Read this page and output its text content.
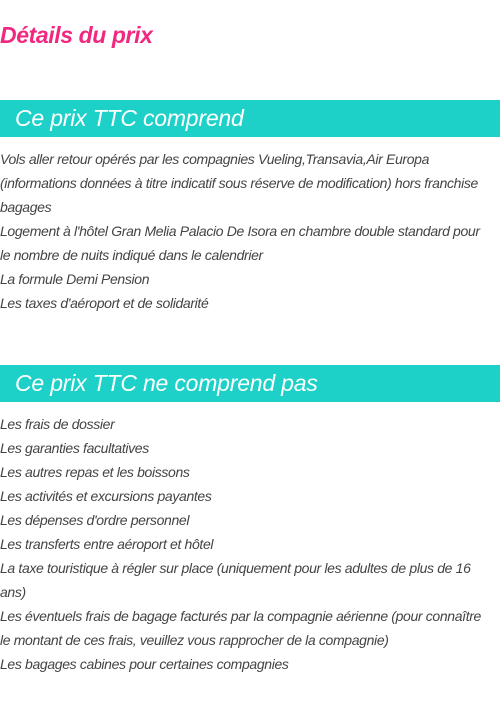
Détails du prix
Ce prix TTC comprend
Vols aller retour opérés par les compagnies Vueling,Transavia,Air Europa (informations données à titre indicatif sous réserve de modification) hors franchise bagages
Logement à l'hôtel Gran Melia Palacio De Isora en chambre double standard pour le nombre de nuits indiqué dans le calendrier
La formule Demi Pension
Les taxes d'aéroport et de solidarité
Ce prix TTC ne comprend pas
Les frais de dossier
Les garanties facultatives
Les autres repas et les boissons
Les activités et excursions payantes
Les dépenses d'ordre personnel
Les transferts entre aéroport et hôtel
La taxe touristique à régler sur place (uniquement pour les adultes de plus de 16 ans)
Les éventuels frais de bagage facturés par la compagnie aérienne (pour connaître le montant de ces frais, veuillez vous rapprocher de la compagnie)
Les bagages cabines pour certaines compagnies
